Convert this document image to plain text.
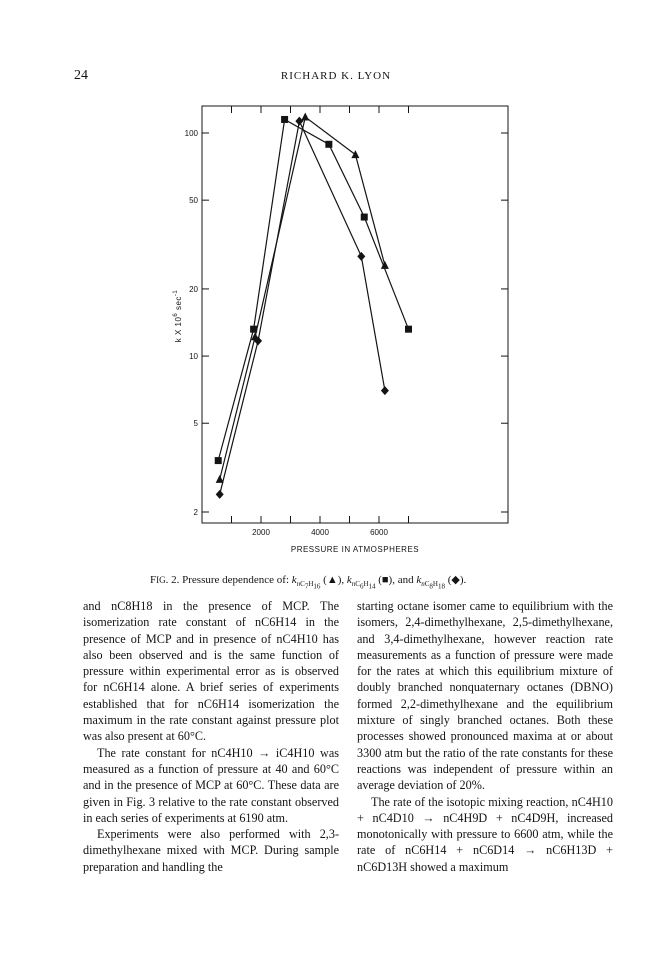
24	RICHARD K. LYON
2
5
10
20
50
100
2000	4000	6000
PRESSURE IN ATMOSPHERES
k X $10^6$ $\sec^{-1}$
FIG. 2. Pressure dependence of: $k_{nC_7H_{16}}$ (▲), $k_{nC_6H_{14}}$ (■), and $k_{nC_8H_{18}}$ (◆).

and nC8H18 in the presence of MCP. The isomerization rate constant of nC6H14 in the presence of MCP and in presence of nC4H10 has also been observed and is the same function of pressure within experimental error as is observed for nC6H14 alone. A brief series of experiments established that for nC6H14 isomerization the maximum in the rate constant against pressure plot was also present at 60°C.

The rate constant for nC4H10 → iC4H10 was measured as a function of pressure at 40 and 60°C and in the presence of MCP at 60°C. These data are given in Fig. 3 relative to the rate constant observed in each series of experiments at 6190 atm.

Experiments were also performed with 2,3-dimethylhexane mixed with MCP. During sample preparation and handling the

starting octane isomer came to equilibrium with the isomers, 2,4-dimethylhexane, 2,5-dimethylhexane, and 3,4-dimethylhexane, however reaction rate measurements as a function of pressure were made for the rates at which this equilibrium mixture of doubly branched nonquaternary octanes (DBNO) formed 2,2-dimethylhexane and the equilibrium mixture of singly branched octanes. Both these processes showed pronounced maxima at or about 3300 atm but the ratio of the rate constants for these reactions was independent of pressure within an average deviation of 20%.

The rate of the isotopic mixing reaction, nC4H10 + nC4D10 → nC4H9D + nC4D9H, increased monotonically with pressure to 6600 atm, while the rate of nC6H14 + nC6D14 → nC6H13D + nC6D13H showed a maximum
